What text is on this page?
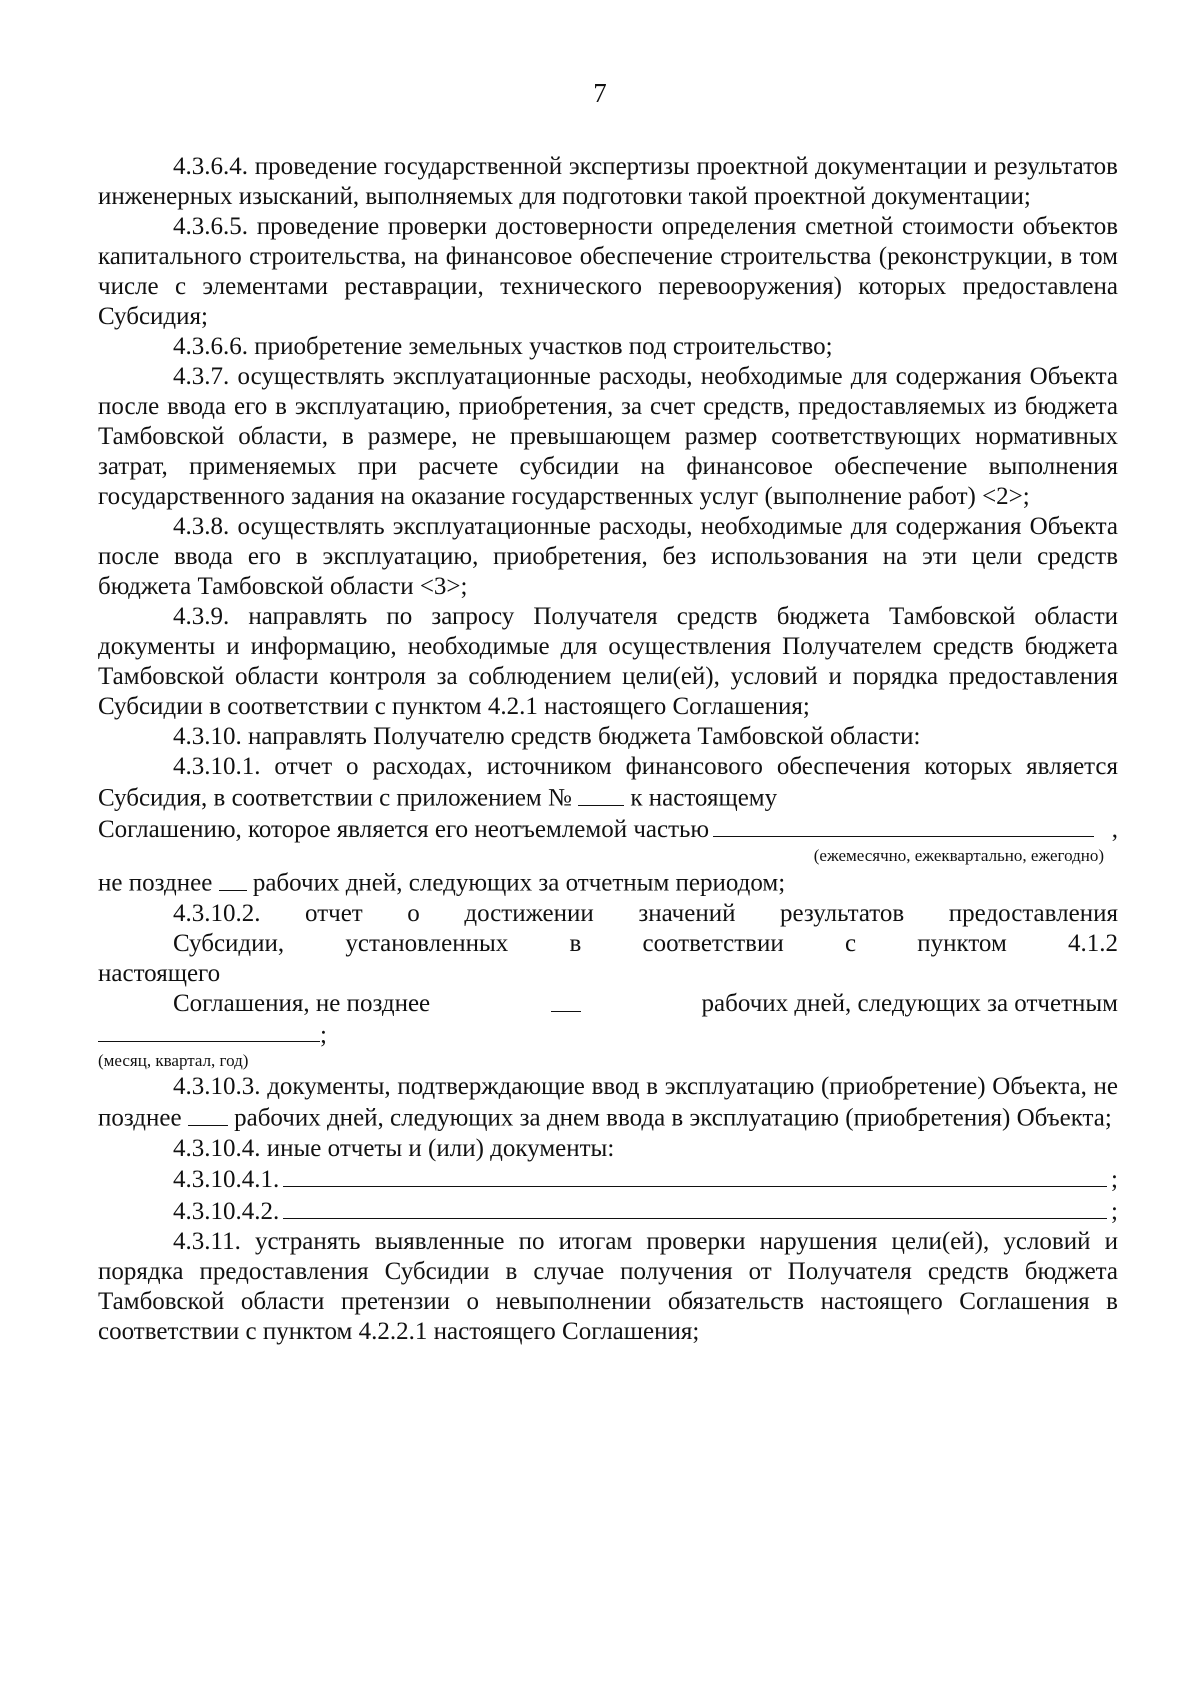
7

4.3.6.4. проведение государственной экспертизы проектной документации и результатов инженерных изысканий, выполняемых для подготовки такой проектной документации;

4.3.6.5. проведение проверки достоверности определения сметной стоимости объектов капитального строительства, на финансовое обеспечение строительства (реконструкции, в том числе с элементами реставрации, технического перевооружения) которых предоставлена Субсидия;

4.3.6.6. приобретение земельных участков под строительство;

4.3.7. осуществлять эксплуатационные расходы, необходимые для содержания Объекта после ввода его в эксплуатацию, приобретения, за счет средств, предоставляемых из бюджета Тамбовской области, в размере, не превышающем размер соответствующих нормативных затрат, применяемых при расчете субсидии на финансовое обеспечение выполнения государственного задания на оказание государственных услуг (выполнение работ) <2>;

4.3.8. осуществлять эксплуатационные расходы, необходимые для содержания Объекта после ввода его в эксплуатацию, приобретения, без использования на эти цели средств бюджета Тамбовской области <3>;

4.3.9. направлять по запросу Получателя средств бюджета Тамбовской области документы и информацию, необходимые для осуществления Получателем средств бюджета Тамбовской области контроля за соблюдением цели(ей), условий и порядка предоставления Субсидии в соответствии с пунктом 4.2.1 настоящего Соглашения;

4.3.10. направлять Получателю средств бюджета Тамбовской области:

4.3.10.1. отчет о расходах, источником финансового обеспечения которых является Субсидия, в соответствии с приложением № к настоящему

Соглашению, которое является его неотъемлемой частью	,

(ежемесячно, ежеквартально, ежегодно)

не позднее рабочих дней, следующих за отчетным периодом;

4.3.10.2. отчет о достижении значений результатов предоставления

Субсидии, установленных в соответствии с пунктом 4.1.2

настоящего

Соглашения, не позднее	рабочих дней, следующих за отчетным

;

(месяц, квартал, год)

4.3.10.3. документы, подтверждающие ввод в эксплуатацию (приобретение) Объекта, не позднее рабочих дней, следующих за днем ввода в эксплуатацию (приобретения) Объекта;

4.3.10.4. иные отчеты и (или) документы:

4.3.10.4.1.	;

4.3.10.4.2.	;

4.3.11. устранять выявленные по итогам проверки нарушения цели(ей), условий и порядка предоставления Субсидии в случае получения от Получателя средств бюджета Тамбовской области претензии о невыполнении обязательств настоящего Соглашения в соответствии с пунктом 4.2.2.1 настоящего Соглашения;
